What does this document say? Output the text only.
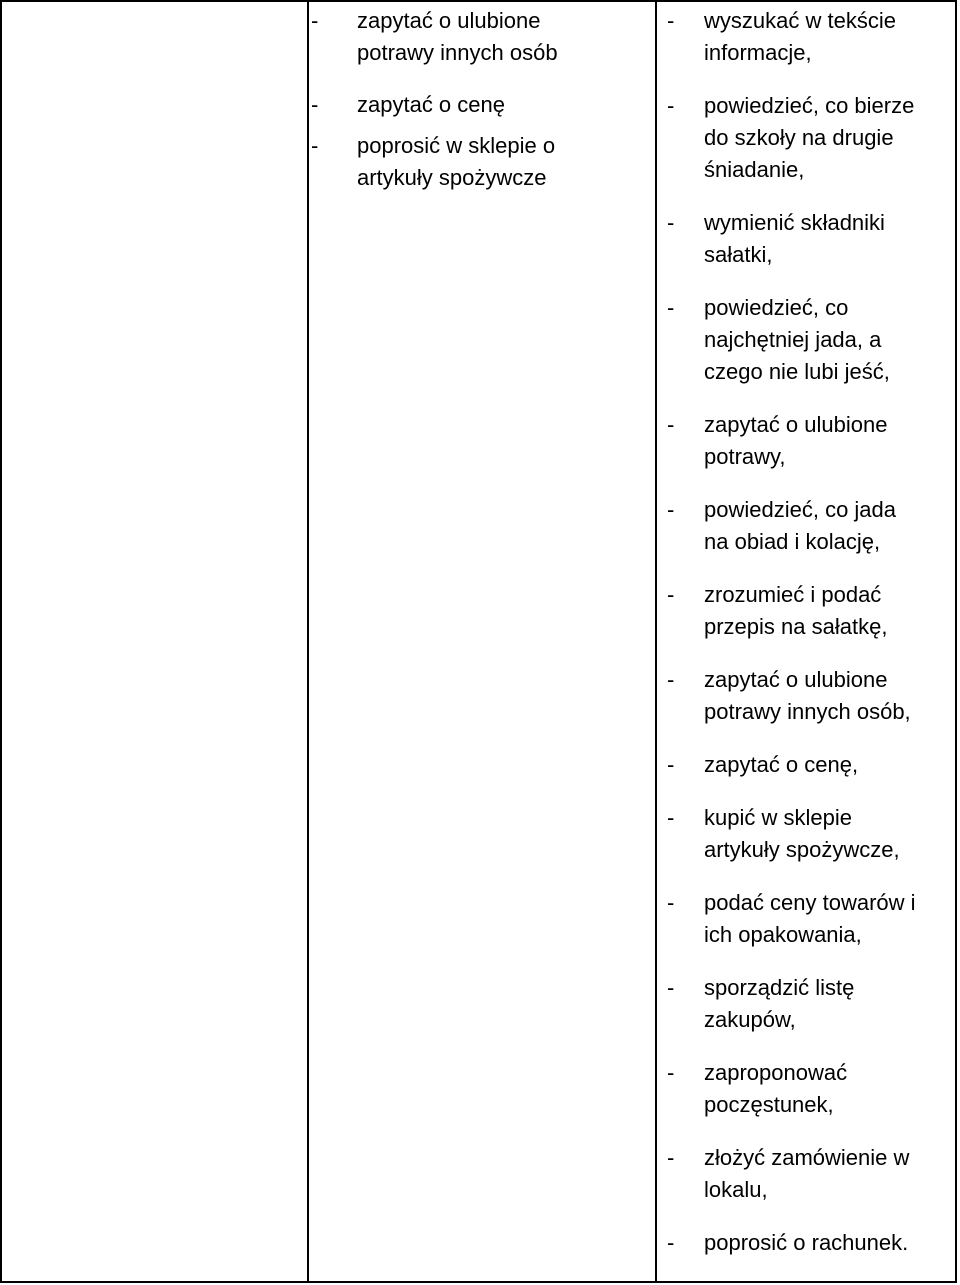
- zapytać o ulubione potrawy innych osób
- zapytać o cenę
- poprosić w sklepie o artykuły spożywcze
- wyszukać w tekście informacje,
- powiedzieć, co bierze do szkoły na drugie śniadanie,
- wymienić składniki sałatki,
- powiedzieć, co najchętniej jada, a czego nie lubi jeść,
- zapytać o ulubione potrawy,
- powiedzieć, co jada na obiad i kolację,
- zrozumieć i podać przepis na sałatkę,
- zapytać o ulubione potrawy innych osób,
- zapytać o cenę,
- kupić w sklepie artykuły spożywcze,
- podać ceny towarów i ich opakowania,
- sporządzić listę zakupów,
- zaproponować poczęstunek,
- złożyć zamówienie w lokalu,
- poprosić o rachunek.
